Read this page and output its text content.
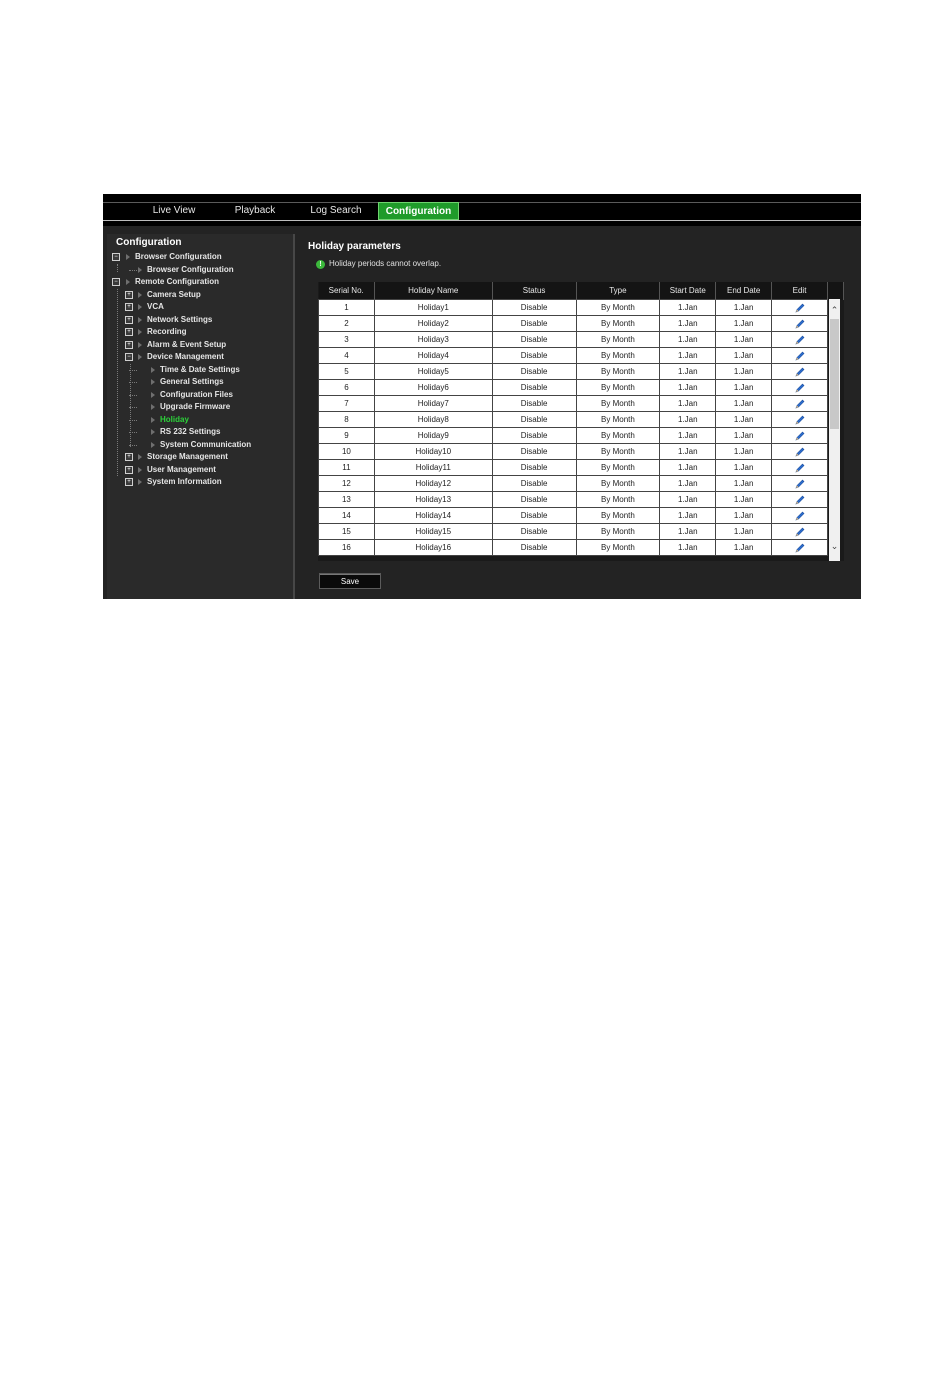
Live View	Playback	Log Search	Configuration
Configuration
− Browser Configuration
Browser Configuration
− Remote Configuration
+ Camera Setup
+ VCA
+ Network Settings
+ Recording
+ Alarm & Event Setup
− Device Management
Time & Date Settings
General Settings
Configuration Files
Upgrade Firmware
Holiday
RS 232 Settings
System Communication
+ Storage Management
+ User Management
+ System Information
Holiday parameters
! Holiday periods cannot overlap.
Serial No.	Holiday Name	Status	Type	Start Date	End Date	Edit	
1	Holiday1	Disable	By Month	1.Jan	1.Jan		
2	Holiday2	Disable	By Month	1.Jan	1.Jan		
3	Holiday3	Disable	By Month	1.Jan	1.Jan		
4	Holiday4	Disable	By Month	1.Jan	1.Jan		
5	Holiday5	Disable	By Month	1.Jan	1.Jan		
6	Holiday6	Disable	By Month	1.Jan	1.Jan		
7	Holiday7	Disable	By Month	1.Jan	1.Jan		
8	Holiday8	Disable	By Month	1.Jan	1.Jan		
9	Holiday9	Disable	By Month	1.Jan	1.Jan		
10	Holiday10	Disable	By Month	1.Jan	1.Jan		
11	Holiday11	Disable	By Month	1.Jan	1.Jan		
12	Holiday12	Disable	By Month	1.Jan	1.Jan		
13	Holiday13	Disable	By Month	1.Jan	1.Jan		
14	Holiday14	Disable	By Month	1.Jan	1.Jan		
15	Holiday15	Disable	By Month	1.Jan	1.Jan		
16	Holiday16	Disable	By Month	1.Jan	1.Jan		
⌃
⌄
Save
